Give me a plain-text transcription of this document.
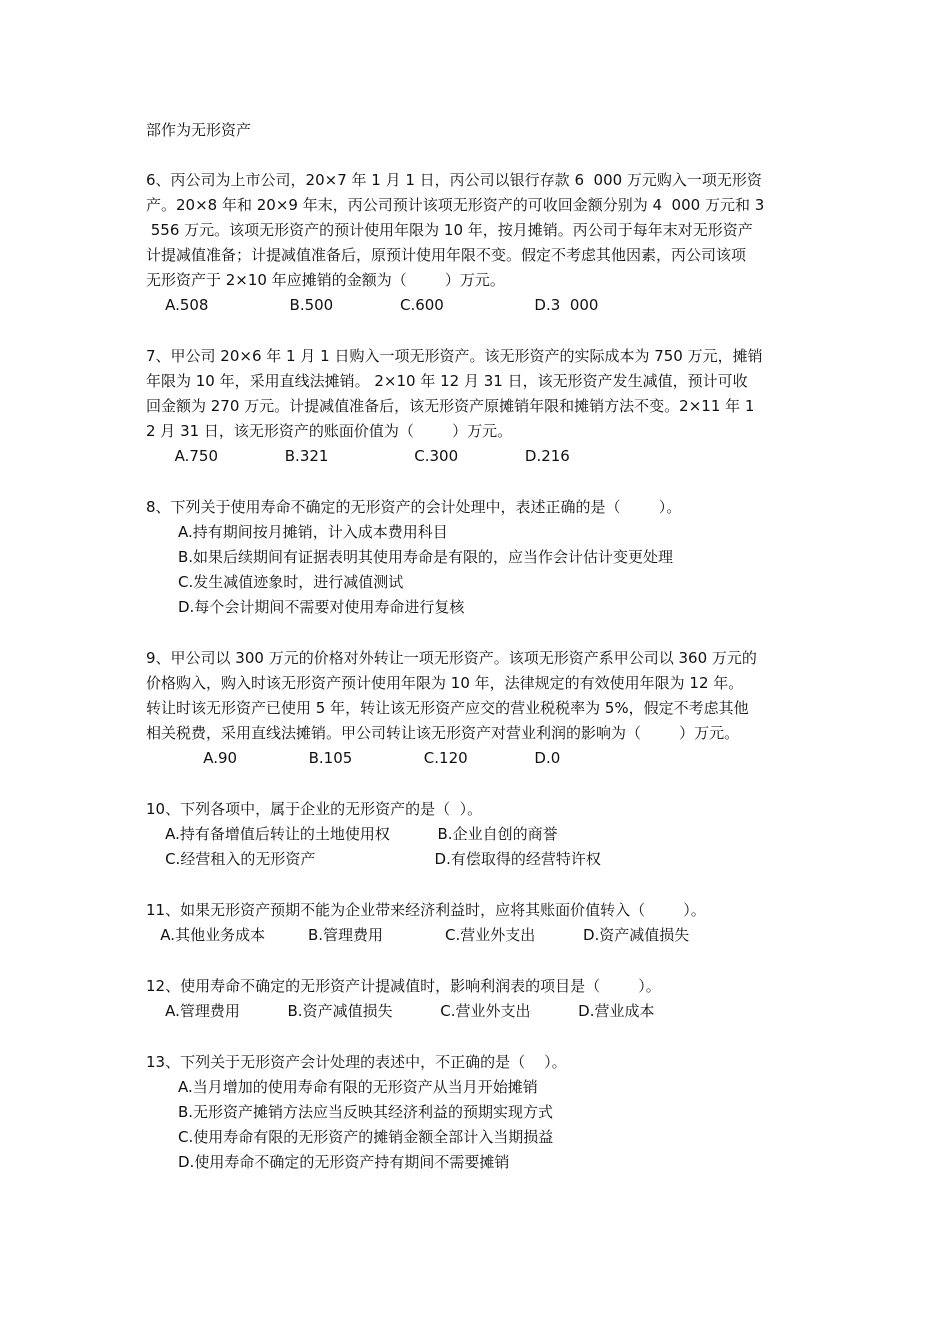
部作为无形资产
6、丙公司为上市公司，20×7 年 1 月 1 日，丙公司以银行存款 6  000 万元购入一项无形资
产。20×8 年和 20×9 年末，丙公司预计该项无形资产的可收回金额分别为 4  000 万元和 3
556 万元。该项无形资产的预计使用年限为 10 年，按月摊销。丙公司于每年末对无形资产
计提减值准备；计提减值准备后，原预计使用年限不变。假定不考虑其他因素，丙公司该项
无形资产于 2×10 年应摊销的金额为（        ）万元。
A.508                 B.500              C.600                   D.3  000
7、甲公司 20×6 年 1 月 1 日购入一项无形资产。该无形资产的实际成本为 750 万元，摊销
年限为 10 年，采用直线法摊销。 2×10 年 12 月 31 日，该无形资产发生减值，预计可收
回金额为 270 万元。计提减值准备后，该无形资产原摊销年限和摊销方法不变。2×11 年 1
2 月 31 日，该无形资产的账面价值为（        ）万元。
A.750              B.321                  C.300              D.216
8、下列关于使用寿命不确定的无形资产的会计处理中，表述正确的是（        ）。
A.持有期间按月摊销，计入成本费用科目
B.如果后续期间有证据表明其使用寿命是有限的，应当作会计估计变更处理
C.发生减值迹象时，进行减值测试
D.每个会计期间不需要对使用寿命进行复核
9、甲公司以 300 万元的价格对外转让一项无形资产。该项无形资产系甲公司以 360 万元的
价格购入，购入时该无形资产预计使用年限为 10 年，法律规定的有效使用年限为 12 年。
转让时该无形资产已使用 5 年，转让该无形资产应交的营业税税率为 5%，假定不考虑其他
相关税费，采用直线法摊销。甲公司转让该无形资产对营业利润的影响为（        ）万元。
A.90               B.105               C.120              D.0
10、下列各项中，属于企业的无形资产的是（  ）。
A.持有备增值后转让的土地使用权          B.企业自创的商誉
C.经营租入的无形资产                         D.有偿取得的经营特许权
11、如果无形资产预期不能为企业带来经济利益时，应将其账面价值转入（        ）。
A.其他业务成本         B.管理费用             C.营业外支出          D.资产减值损失
12、使用寿命不确定的无形资产计提减值时，影响利润表的项目是（        ）。
A.管理费用          B.资产减值损失          C.营业外支出          D.营业成本
13、下列关于无形资产会计处理的表述中，不正确的是（    ）。
A.当月增加的使用寿命有限的无形资产从当月开始摊销
B.无形资产摊销方法应当反映其经济利益的预期实现方式
C.使用寿命有限的无形资产的摊销金额全部计入当期损益
D.使用寿命不确定的无形资产持有期间不需要摊销
